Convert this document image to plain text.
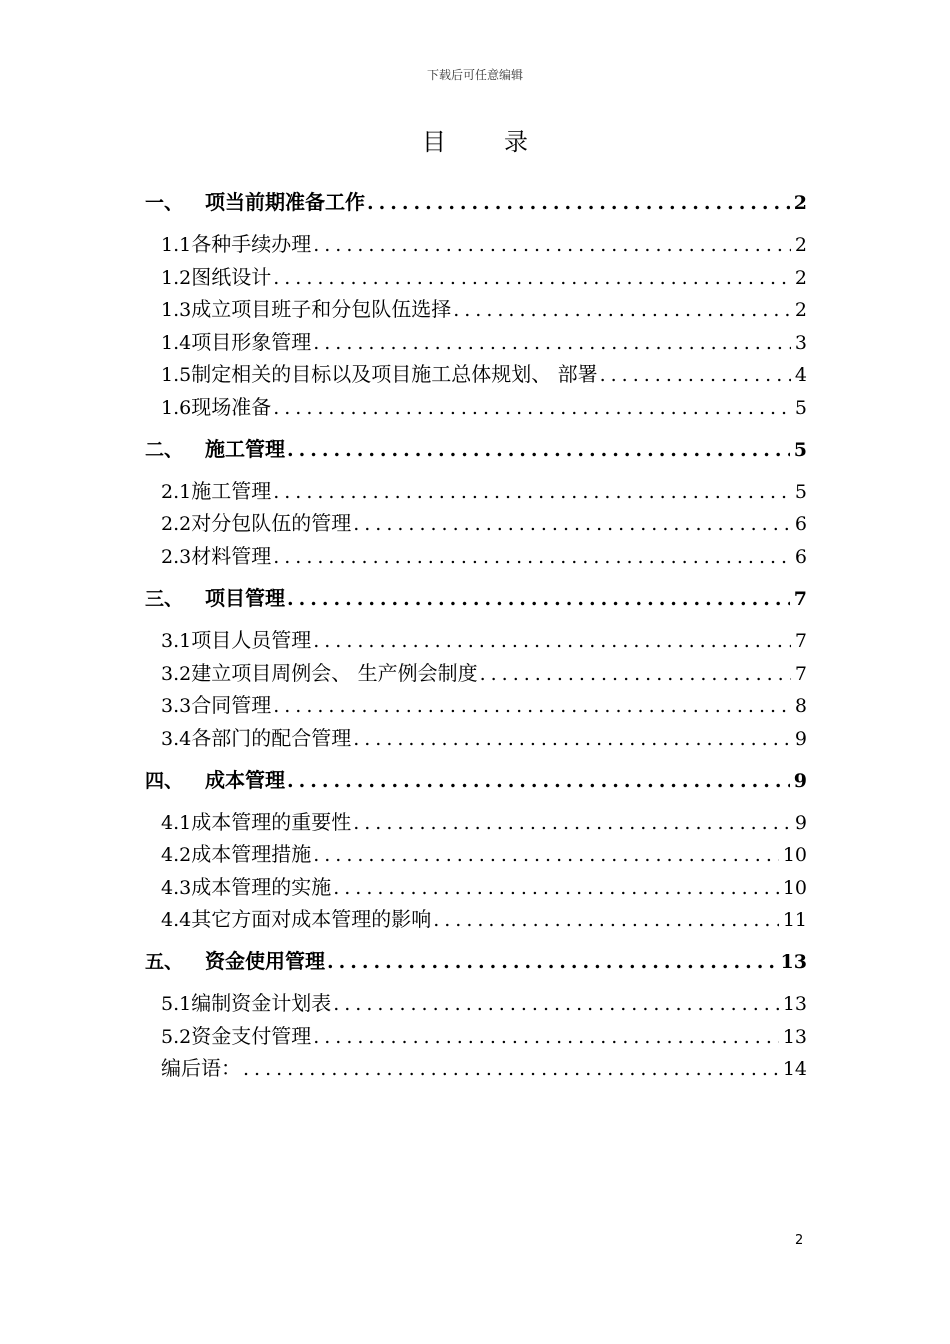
下载后可任意编辑
目录
一、 项当前期准备工作 .....	2
1.1 各种手续办理 .....	2
1.2 图纸设计 .....	2
1.3 成立项目班子和分包队伍选择 .....	2
1.4 项目形象管理 .....	3
1.5 制定相关的目标以及项目施工总体规划、 部署 .....	4
1.6 现场准备 .....	5
二、 施工管理 .....	5
2.1 施工管理 .....	5
2.2 对分包队伍的管理 .....	6
2.3 材料管理 .....	6
三、 项目管理 .....	7
3.1 项目人员管理 .....	7
3.2 建立项目周例会、 生产例会制度 .....	7
3.3 合同管理 .....	8
3.4 各部门的配合管理 .....	9
四、 成本管理 .....	9
4.1 成本管理的重要性 .....	9
4.2 成本管理措施 .....	10
4.3 成本管理的实施 .....	10
4.4 其它方面对成本管理的影响 .....	11
五、 资金使用管理 .....	13
5.1 编制资金计划表 .....	13
5.2 资金支付管理 .....	13
编后语： .....	14
2
